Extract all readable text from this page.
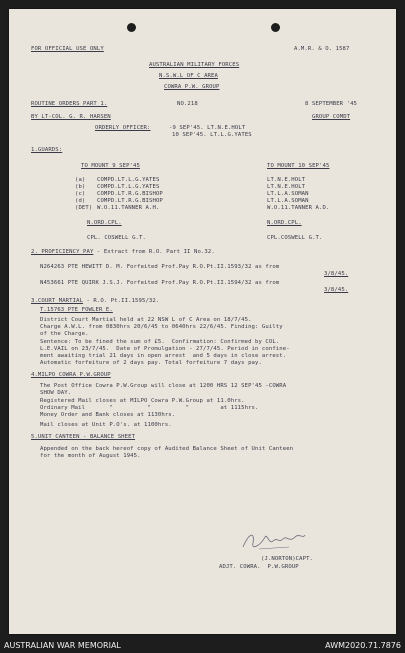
FOR OFFICIAL USE ONLY	A.M.R. & O. 1587
AUSTRALIAN MILITARY FORCES
N.S.W.L OF C AREA
COWRA P.W. GROUP
ROUTINE ORDERS PART 1.	NO.218	8 SEPTEMBER '45
BY LT-COL. G. R. HARSEN	GROUP COMDT
ORDERLY OFFICER:	-9 SEP'45. LT.N.E.HOLT
10 SEP'45. LT.L.G.YATES
1.GUARDS:
TO MOUNT 9 SEP'45	TO MOUNT 10 SEP'45
(a) COMPD.LT.L.G.YATES	LT.N.E.HOLT
(b) COMPD.LT.L.G.YATES	LT.N.E.HOLT
(c) COMPD.LT.R.G.BISHOP	LT.L.A.SOMAN
(d) COMPD.LT.R.G.BISHOP	LT.L.A.SOMAN
(DET) W.O.11.TANNER A.H.	W.O.11.TANNER A.D.
N.ORD.CPL.	N.ORD.CPL.
CPL. COSWELL G.T.	CPL.COSWELL G.T.
2. PROFICIENCY PAY - Extract from R.O. Part II No.32.
N264263 PTE HEWITT D. M. Forfeited Prof.Pay R.O.Pt.II.1593/32 as from
3/8/45.
N453661 PTE QUIRK J.S.J. Forfeited Prof.Pay R.O.Pt.II.1594/32 as from
3/8/45.
3.COURT MARTIAL - R.O. Pt.II.1595/32.
T.15763 PTE FOWLER E.
District Court Martial held at 22 NSW L of C Area on 18/7/45.
Charge A.W.L. from 0830hrs 20/6/45 to 0640hrs 22/6/45. Finding: Guilty
of the Charge.
Sentence: To be fined the sum of £5.  Confirmation: Confirmed by COL.
L.E.VAIL on 23/7/45.  Date of Promulgation - 27/7/45. Period in confine-
ment awaiting trial 21 days in open arrest  and 5 days in close arrest.
Automatic forfeiture of 2 days pay. Total forfeiture 7 days pay.
4.MILPO COWRA P.W.GROUP
The Post Office Cowra P.W.Group will close at 1200 HRS 12 SEP'45 -COWRA
SHOW DAY.
Registered Mail closes at MILPO Cowra P.W.Group at 11.0hrs.
Ordinary Mail       "          "          "         at 1115hrs.
Money Order and Bank closes at 1130hrs.
Mail closes at Unit P.O's. at 1100hrs.
5.UNIT CANTEEN - BALANCE SHEET
Appended on the back hereof copy of Audited Balance Sheet of Unit Canteen
for the month of August 1945.
(J.NORTON)CAPT.
ADJT. COWRA.  P.W.GROUP
AUSTRALIAN WAR MEMORIAL	AWM2020.71.7876
